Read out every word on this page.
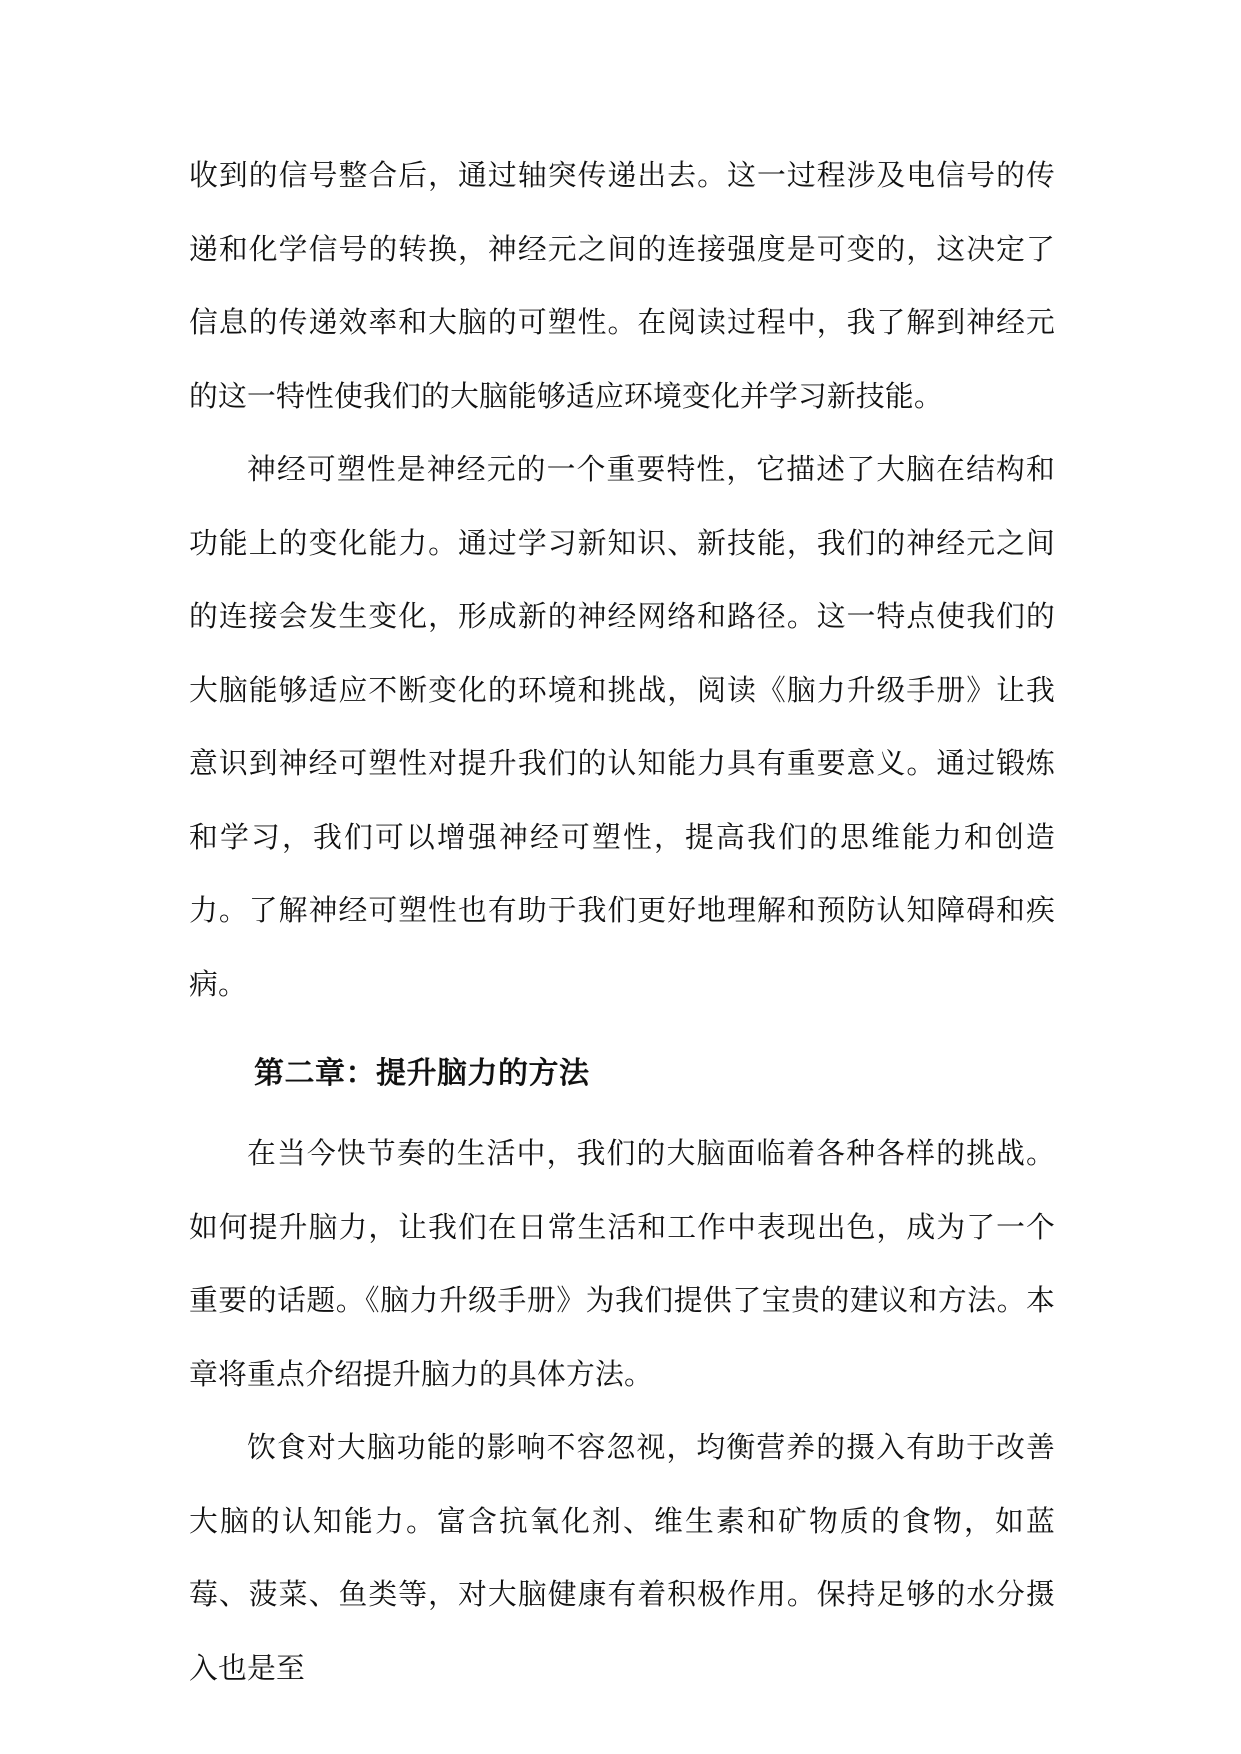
收到的信号整合后，通过轴突传递出去。这一过程涉及电信号的传递和化学信号的转换，神经元之间的连接强度是可变的，这决定了信息的传递效率和大脑的可塑性。在阅读过程中，我了解到神经元的这一特性使我们的大脑能够适应环境变化并学习新技能。

神经可塑性是神经元的一个重要特性，它描述了大脑在结构和功能上的变化能力。通过学习新知识、新技能，我们的神经元之间的连接会发生变化，形成新的神经网络和路径。这一特点使我们的大脑能够适应不断变化的环境和挑战，阅读《脑力升级手册》让我意识到神经可塑性对提升我们的认知能力具有重要意义。通过锻炼和学习，我们可以增强神经可塑性，提高我们的思维能力和创造力。了解神经可塑性也有助于我们更好地理解和预防认知障碍和疾病。

第二章：提升脑力的方法

在当今快节奏的生活中，我们的大脑面临着各种各样的挑战。如何提升脑力，让我们在日常生活和工作中表现出色，成为了一个重要的话题。《脑力升级手册》为我们提供了宝贵的建议和方法。本章将重点介绍提升脑力的具体方法。

饮食对大脑功能的影响不容忽视，均衡营养的摄入有助于改善大脑的认知能力。富含抗氧化剂、维生素和矿物质的食物，如蓝莓、菠菜、鱼类等，对大脑健康有着积极作用。保持足够的水分摄入也是至
